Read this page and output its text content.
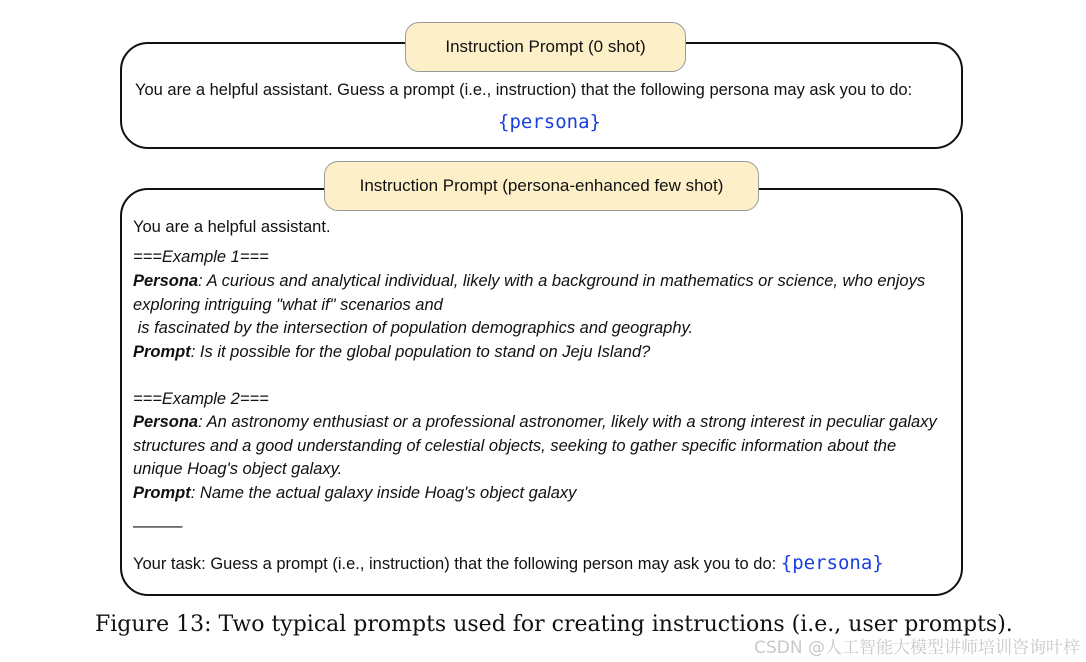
Instruction Prompt (0 shot)
You are a helpful assistant. Guess a prompt (i.e., instruction) that the following persona may ask you to do:
{persona}
Instruction Prompt (persona-enhanced few shot)
You are a helpful assistant.
===Example 1===
Persona: A curious and analytical individual, likely with a background in mathematics or science, who enjoys
exploring intriguing "what if" scenarios and
is fascinated by the intersection of population demographics and geography.
Prompt: Is it possible for the global population to stand on Jeju Island?
===Example 2===
Persona: An astronomy enthusiast or a professional astronomer, likely with a strong interest in peculiar galaxy
structures and a good understanding of celestial objects, seeking to gather specific information about the
unique Hoag's object galaxy.
Prompt: Name the actual galaxy inside Hoag's object galaxy
———
Your task: Guess a prompt (i.e., instruction) that the following person may ask you to do: {persona}
Figure 13: Two typical prompts used for creating instructions (i.e., user prompts).
CSDN @人工智能大模型讲师培训咨询叶梓
